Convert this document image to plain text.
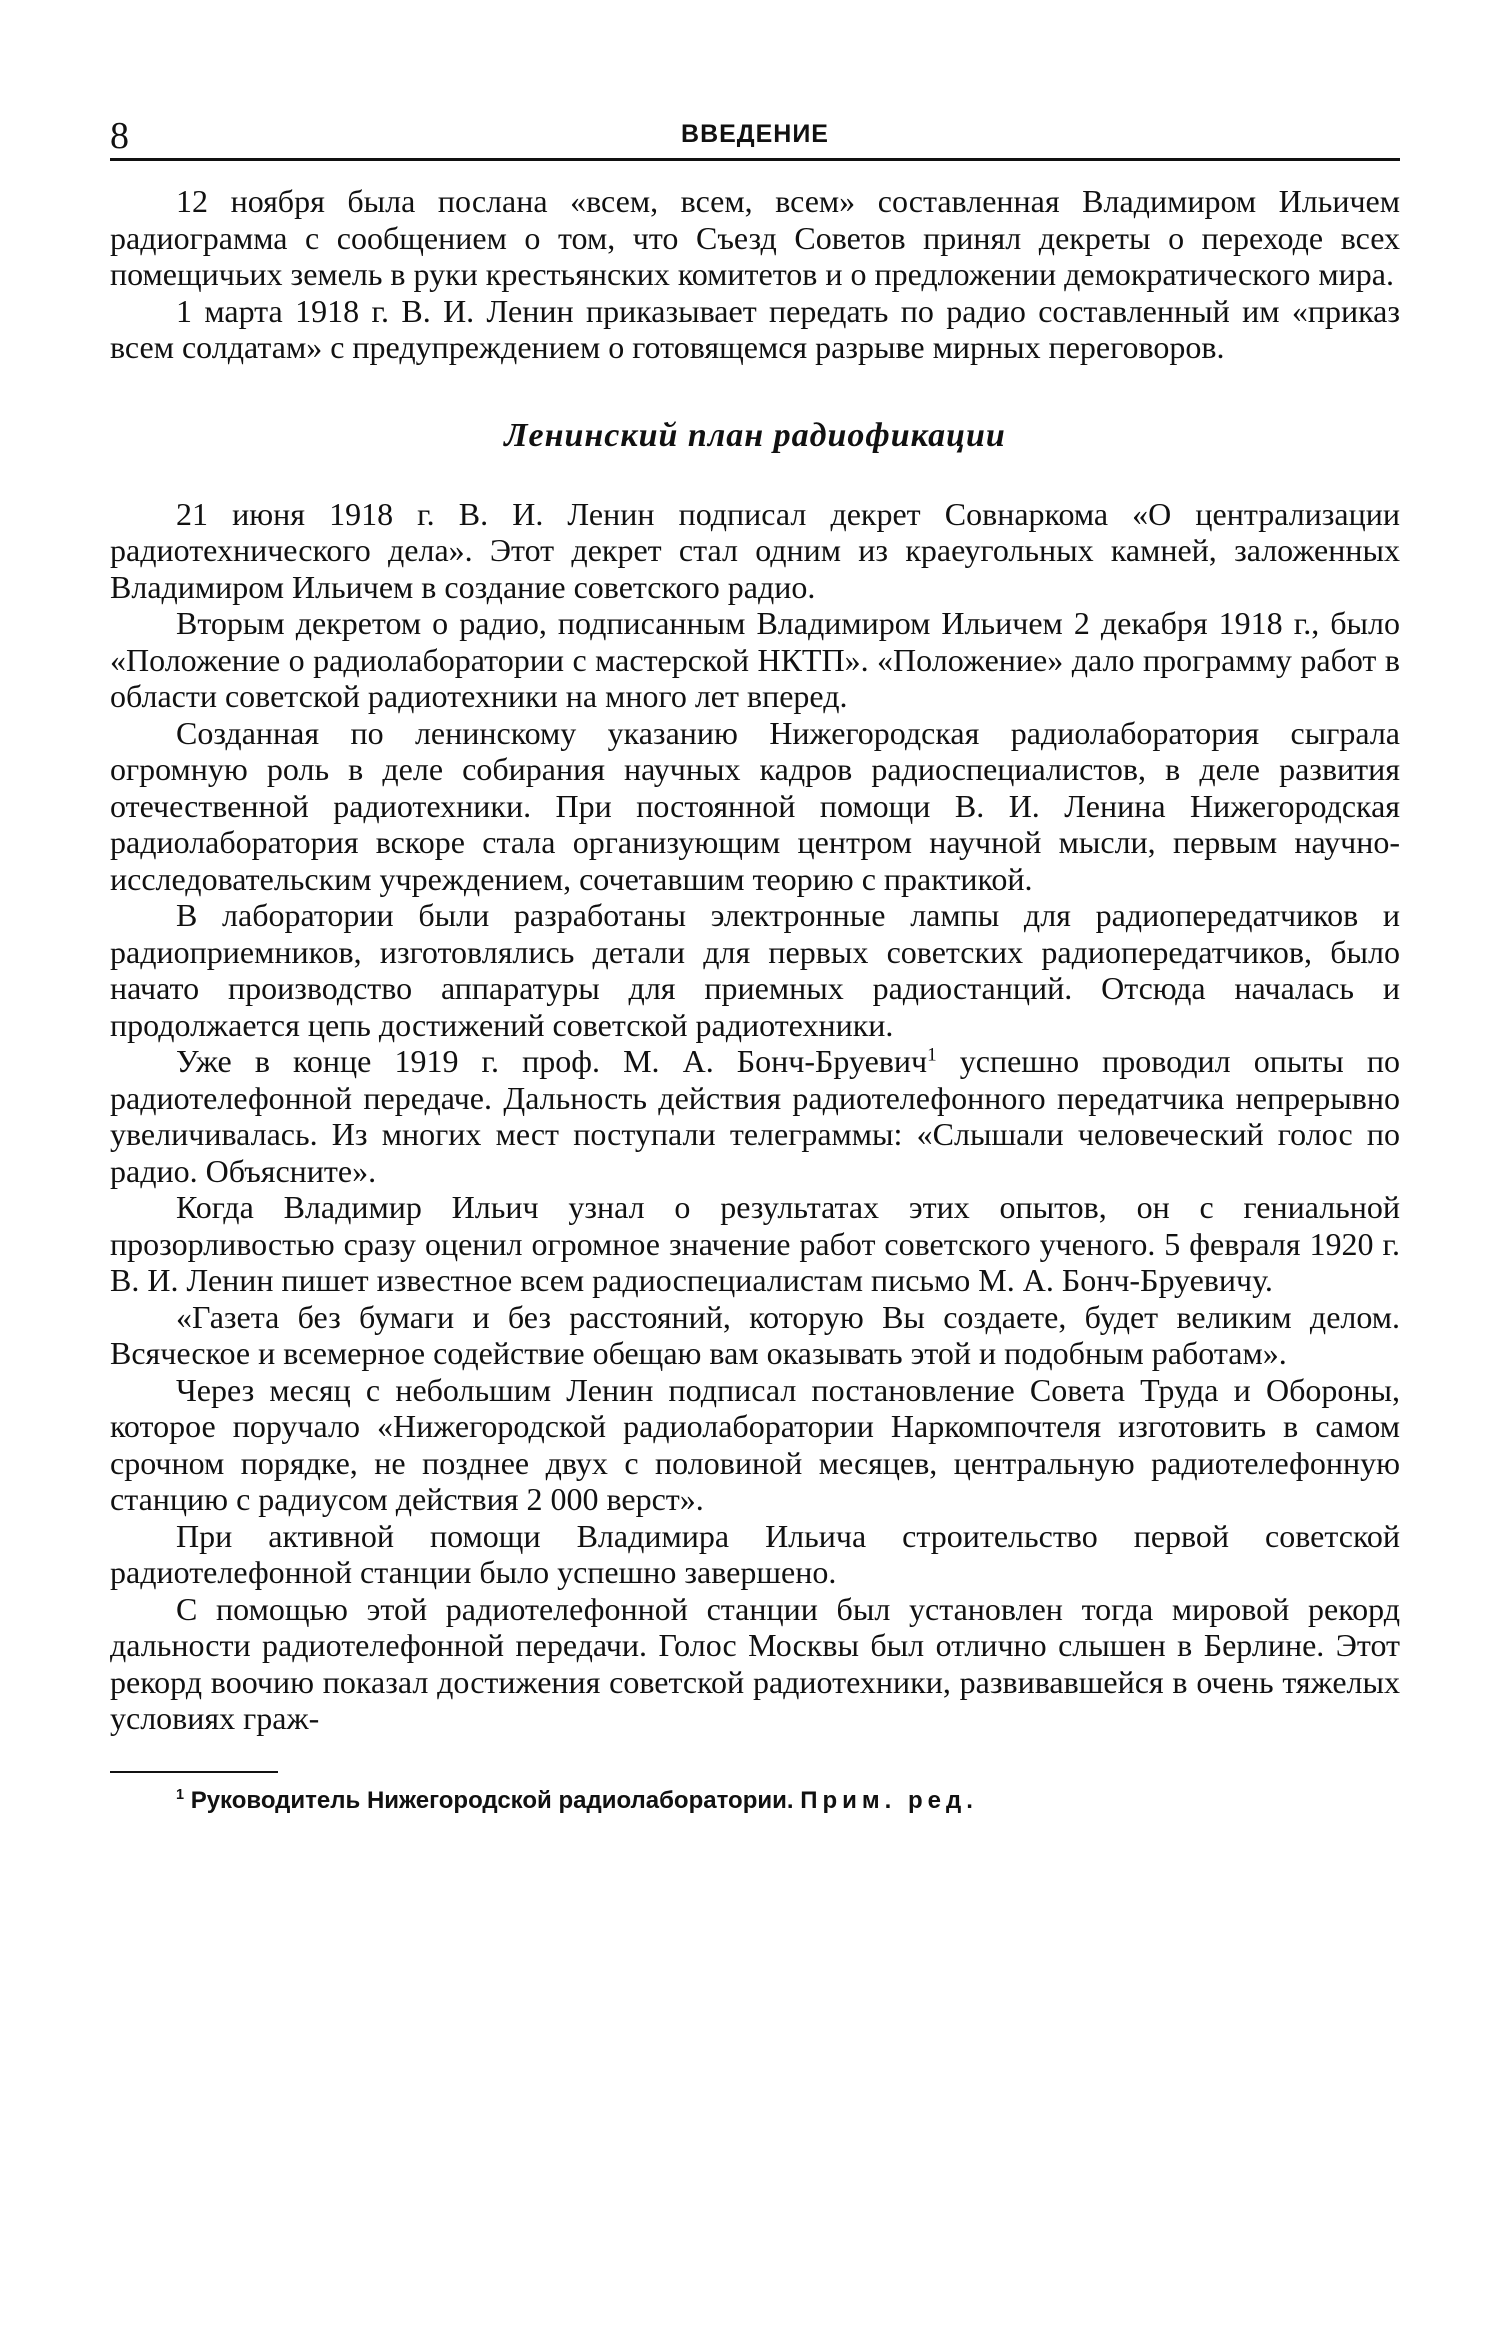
8	ВВЕДЕНИЕ

12 ноября была послана «всем, всем, всем» составленная Владимиром Ильичем радиограмма с сообщением о том, что Съезд Советов принял декреты о переходе всех помещичьих земель в руки крестьянских комитетов и о предложении демократического мира.

1 марта 1918 г. В. И. Ленин приказывает передать по радио составленный им «приказ всем солдатам» с предупреждением о готовящемся разрыве мирных переговоров.

Ленинский план радиофикации

21 июня 1918 г. В. И. Ленин подписал декрет Совнаркома «О централизации радиотехнического дела». Этот декрет стал одним из краеугольных камней, заложенных Владимиром Ильичем в создание советского радио.

Вторым декретом о радио, подписанным Владимиром Ильичем 2 декабря 1918 г., было «Положение о радиолаборатории с мастерской НКТП». «Положение» дало программу работ в области советской радиотехники на много лет вперед.

Созданная по ленинскому указанию Нижегородская радиолаборатория сыграла огромную роль в деле собирания научных кадров радиоспециалистов, в деле развития отечественной радиотехники. При постоянной помощи В. И. Ленина Нижегородская радиолаборатория вскоре стала организующим центром научной мысли, первым научно-исследовательским учреждением, сочетавшим теорию с практикой.

В лаборатории были разработаны электронные лампы для радиопередатчиков и радиоприемников, изготовлялись детали для первых советских радиопередатчиков, было начато производство аппаратуры для приемных радиостанций. Отсюда началась и продолжается цепь достижений советской радиотехники.

Уже в конце 1919 г. проф. М. А. Бонч-Бруевич$^1$ успешно проводил опыты по радиотелефонной передаче. Дальность действия радиотелефонного передатчика непрерывно увеличивалась. Из многих мест поступали телеграммы: «Слышали человеческий голос по радио. Объясните».

Когда Владимир Ильич узнал о результатах этих опытов, он с гениальной прозорливостью сразу оценил огромное значение работ советского ученого. 5 февраля 1920 г. В. И. Ленин пишет известное всем радиоспециалистам письмо М. А. Бонч-Бруевичу.

«Газета без бумаги и без расстояний, которую Вы создаете, будет великим делом. Всяческое и всемерное содействие обещаю вам оказывать этой и подобным работам».

Через месяц с небольшим Ленин подписал постановление Совета Труда и Обороны, которое поручало «Нижегородской радиолаборатории Наркомпочтеля изготовить в самом срочном порядке, не позднее двух с половиной месяцев, центральную радиотелефонную станцию с радиусом действия 2 000 верст».

При активной помощи Владимира Ильича строительство первой советской радиотелефонной станции было успешно завершено.

С помощью этой радиотелефонной станции был установлен тогда мировой рекорд дальности радиотелефонной передачи. Голос Москвы был отлично слышен в Берлине. Этот рекорд воочию показал достижения советской радиотехники, развивавшейся в очень тяжелых условиях граж-

$^1$ Руководитель Нижегородской радиолаборатории. Прим. ред.
